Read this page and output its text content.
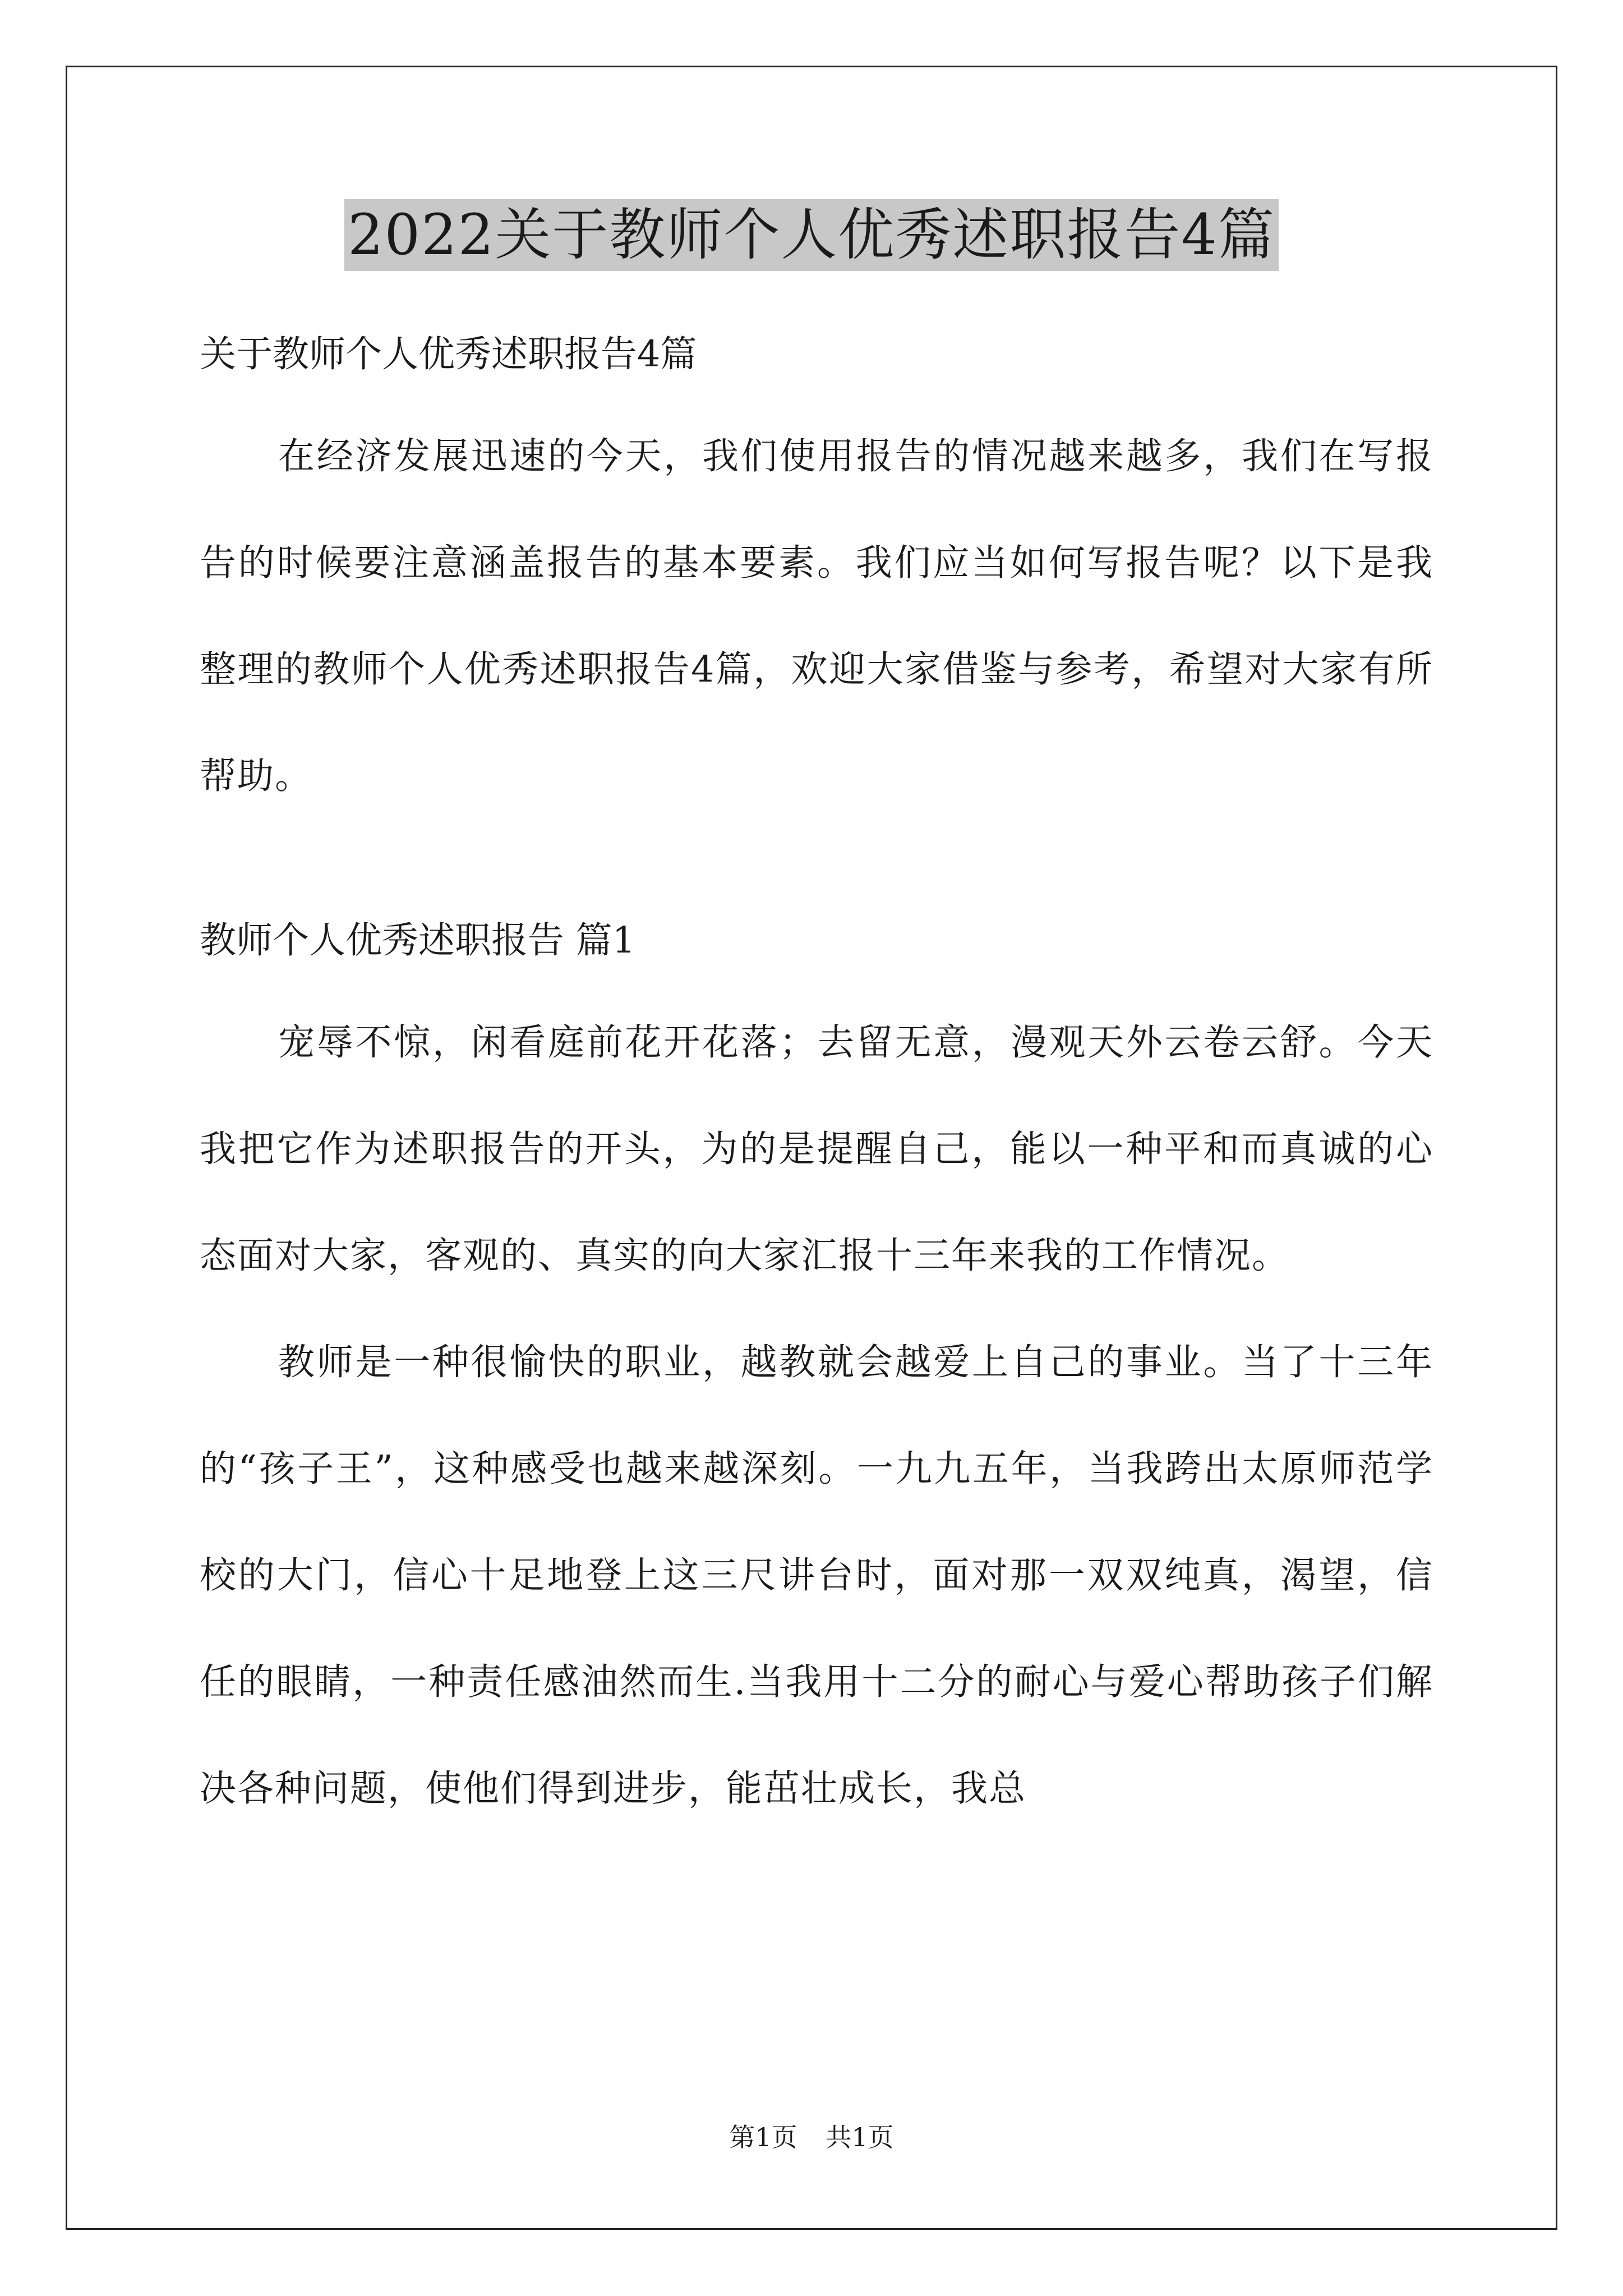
2022关于教师个人优秀述职报告4篇

关于教师个人优秀述职报告4篇

在经济发展迅速的今天，我们使用报告的情况越来越多，我们在写报告的时候要注意涵盖报告的基本要素。我们应当如何写报告呢？以下是我整理的教师个人优秀述职报告4篇，欢迎大家借鉴与参考，希望对大家有所帮助。

教师个人优秀述职报告 篇1

宠辱不惊，闲看庭前花开花落；去留无意，漫观天外云卷云舒。今天我把它作为述职报告的开头，为的是提醒自己，能以一种平和而真诚的心态面对大家，客观的、真实的向大家汇报十三年来我的工作情况。

教师是一种很愉快的职业，越教就会越爱上自己的事业。当了十三年的“孩子王”，这种感受也越来越深刻。一九九五年，当我跨出太原师范学校的大门，信心十足地登上这三尺讲台时，面对那一双双纯真，渴望，信任的眼睛，一种责任感油然而生.当我用十二分的耐心与爱心帮助孩子们解决各种问题，使他们得到进步，能茁壮成长，我总

第1页 共1页
